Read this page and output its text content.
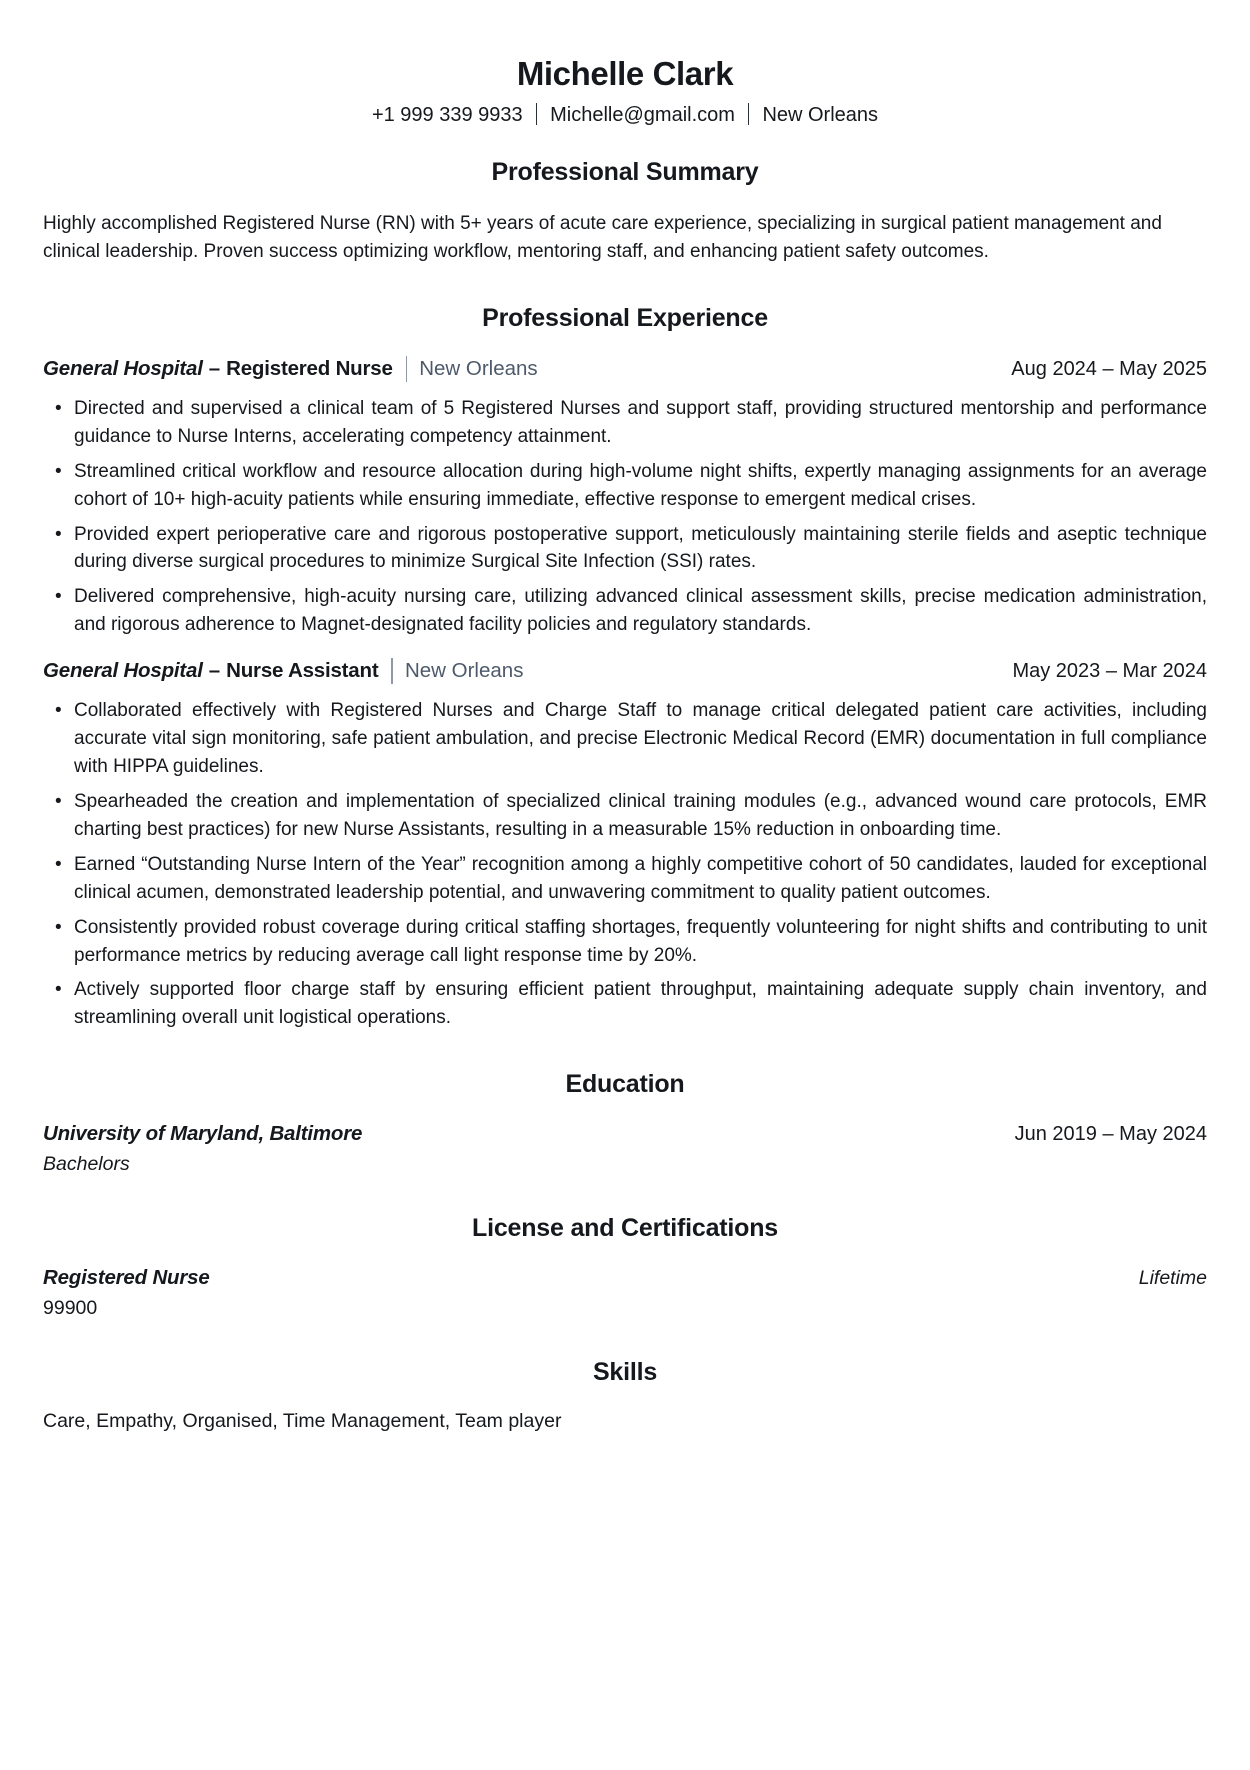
Michelle Clark
+1 999 339 9933 Michelle@gmail.com New Orleans
Professional Summary

Highly accomplished Registered Nurse (RN) with 5+ years of acute care experience, specializing in surgical patient management and clinical leadership. Proven success optimizing workflow, mentoring staff, and enhancing patient safety outcomes.

Professional Experience
General Hospital – Registered Nurse New Orleans	Aug 2024 – May 2025
• Directed and supervised a clinical team of 5 Registered Nurses and support staff, providing structured mentorship and performance guidance to Nurse Interns, accelerating competency attainment.
• Streamlined critical workflow and resource allocation during high-volume night shifts, expertly managing assignments for an average cohort of 10+ high-acuity patients while ensuring immediate, effective response to emergent medical crises.
• Provided expert perioperative care and rigorous postoperative support, meticulously maintaining sterile fields and aseptic technique during diverse surgical procedures to minimize Surgical Site Infection (SSI) rates.
• Delivered comprehensive, high-acuity nursing care, utilizing advanced clinical assessment skills, precise medication administration, and rigorous adherence to Magnet-designated facility policies and regulatory standards.
General Hospital – Nurse Assistant New Orleans	May 2023 – Mar 2024
• Collaborated effectively with Registered Nurses and Charge Staff to manage critical delegated patient care activities, including accurate vital sign monitoring, safe patient ambulation, and precise Electronic Medical Record (EMR) documentation in full compliance with HIPPA guidelines.
• Spearheaded the creation and implementation of specialized clinical training modules (e.g., advanced wound care protocols, EMR charting best practices) for new Nurse Assistants, resulting in a measurable 15% reduction in onboarding time.
• Earned “Outstanding Nurse Intern of the Year” recognition among a highly competitive cohort of 50 candidates, lauded for exceptional clinical acumen, demonstrated leadership potential, and unwavering commitment to quality patient outcomes.
• Consistently provided robust coverage during critical staffing shortages, frequently volunteering for night shifts and contributing to unit performance metrics by reducing average call light response time by 20%.
• Actively supported floor charge staff by ensuring efficient patient throughput, maintaining adequate supply chain inventory, and streamlining overall unit logistical operations.
Education
University of Maryland, Baltimore	Jun 2019 – May 2024
Bachelors
License and Certifications
Registered Nurse	Lifetime
99900
Skills

Care, Empathy, Organised, Time Management, Team player
